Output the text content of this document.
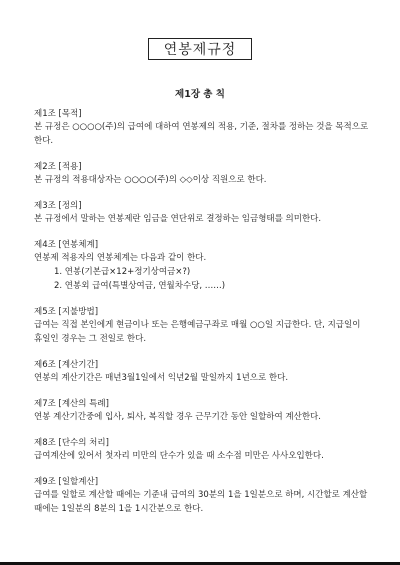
연봉제규정
제1장 총 칙
제1조 [목적]
본 규정은 ○○○○(주)의 급여에 대하여 연봉제의 적용, 기준, 절차를 정하는 것을 목적으로 한다.
제2조 [적용]
본 규정의 적용대상자는 ○○○○(주)의 ◇◇이상 직원으로 한다.
제3조 [정의]
본 규정에서 말하는 연봉제란 임금을 연단위로 결정하는 임금형태를 의미한다.
제4조 [연봉체계]
연봉제 적용자의 연봉체계는 다음과 같이 한다.
1. 연봉(기본급×12+정기상여금×?)
2. 연봉외 급여(특별상여금, 연월차수당, ……)
제5조 [지불방법]
급여는 직접 본인에게 현금이나 또는 은행예금구좌로 매월 ○○일 지급한다. 단, 지급일이 휴일인 경우는 그 전일로 한다.
제6조 [계산기간]
연봉의 계산기간은 매년3월1일에서 익년2월 말일까지 1년으로 한다.
제7조 [계산의 특례]
연봉 계산기간중에 입사, 퇴사, 복직할 경우 근무기간 동안 일할하여 계산한다.
제8조 [단수의 처리]
급여계산에 있어서 첫자리 미만의 단수가 있을 때 소수점 미만은 사사오입한다.
제9조 [일할계산]
급여를 일할로 계산할 때에는 기준내 급여의 30분의 1을 1일분으로 하며, 시간할로 계산할 때에는 1일분의 8분의 1을 1시간분으로 한다.
